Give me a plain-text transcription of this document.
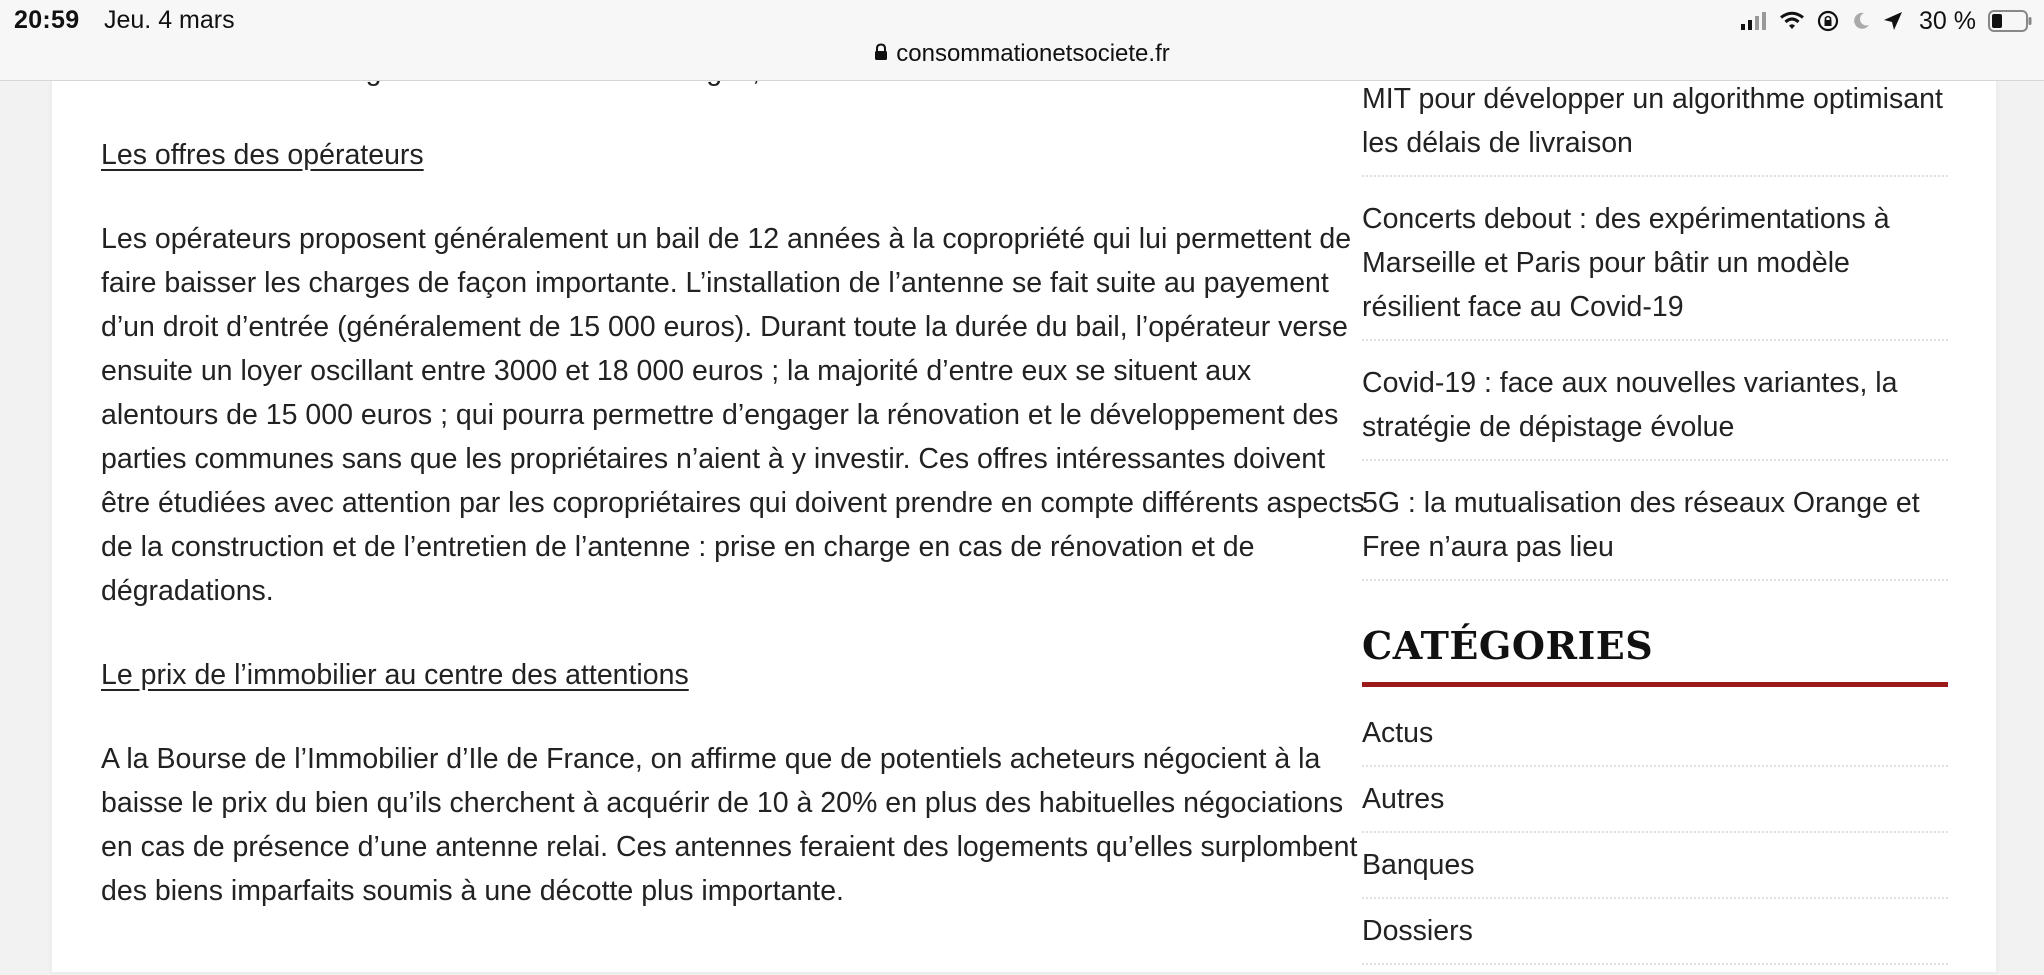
20:59 Jeu. 4 mars	30 %
consommationetsociete.fr

Les offres des opérateurs

Les opérateurs proposent généralement un bail de 12 années à la copropriété qui lui permettent de faire baisser les charges de façon importante. L’installation de l’antenne se fait suite au payement d’un droit d’entrée (généralement de 15 000 euros). Durant toute la durée du bail, l’opérateur verse ensuite un loyer oscillant entre 3000 et 18 000 euros ; la majorité d’entre eux se situent aux alentours de 15 000 euros ; qui pourra permettre d’engager la rénovation et le développement des parties communes sans que les propriétaires n’aient à y investir. Ces offres intéressantes doivent être étudiées avec attention par les copropriétaires qui doivent prendre en compte différents aspects de la construction et de l’entretien de l’antenne : prise en charge en cas de rénovation et de dégradations.

Le prix de l’immobilier au centre des attentions

A la Bourse de l’Immobilier d’Ile de France, on affirme que de potentiels acheteurs négocient à la baisse le prix du bien qu’ils cherchent à acquérir de 10 à 20% en plus des habituelles négociations en cas de présence d’une antenne relai. Ces antennes feraient des logements qu’elles surplombent des biens imparfaits soumis à une décotte plus importante.

MIT pour développer un algorithme optimisant les délais de livraison
Concerts debout : des expérimentations à Marseille et Paris pour bâtir un modèle résilient face au Covid-19
Covid-19 : face aux nouvelles variantes, la stratégie de dépistage évolue
5G : la mutualisation des réseaux Orange et Free n’aura pas lieu
CATÉGORIES
Actus
Autres
Banques
Dossiers
